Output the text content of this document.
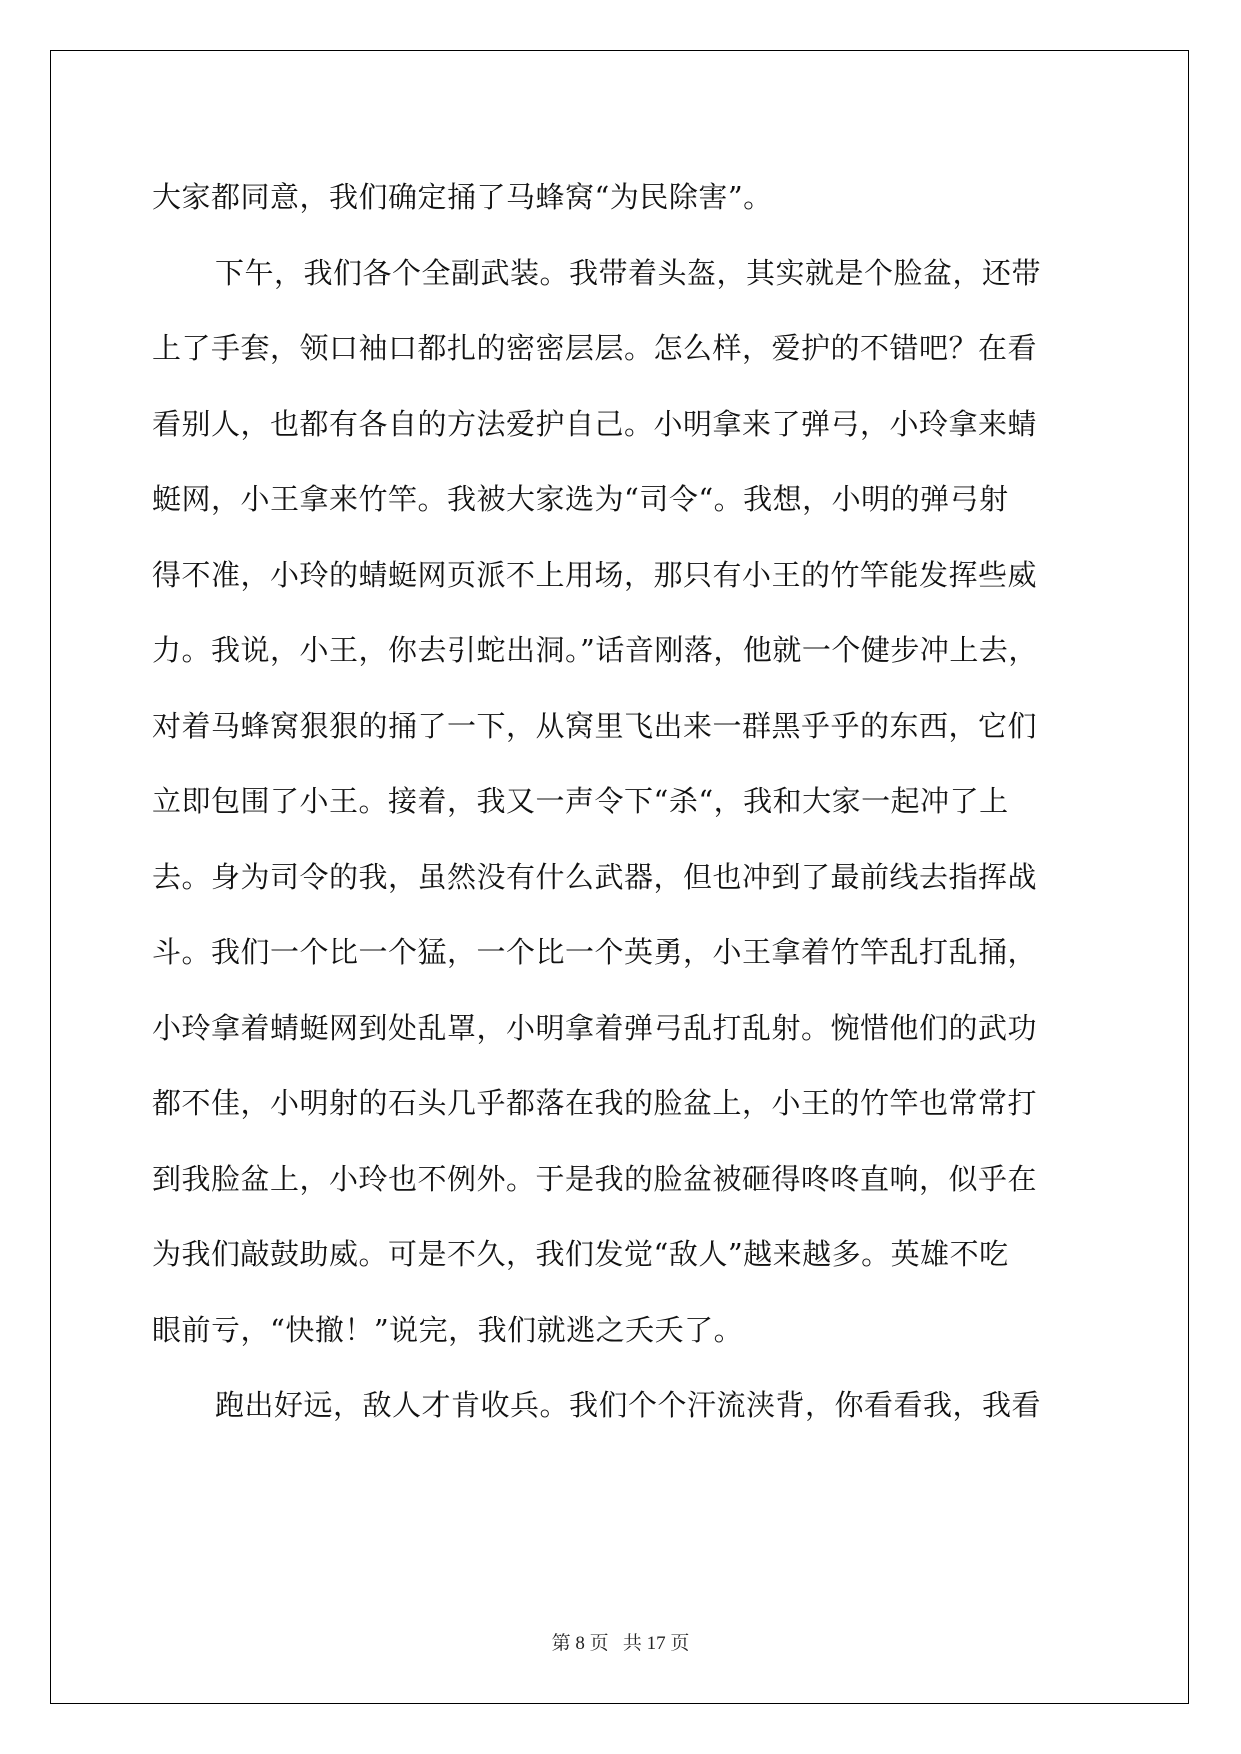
大家都同意，我们确定捅了马蜂窝“为民除害”。
下午，我们各个全副武装。我带着头盔，其实就是个脸盆，还带
上了手套，领口袖口都扎的密密层层。怎么样，爱护的不错吧？在看
看别人，也都有各自的方法爱护自己。小明拿来了弹弓，小玲拿来蜻
蜓网，小王拿来竹竿。我被大家选为“司令“。我想，小明的弹弓射
得不准，小玲的蜻蜓网页派不上用场，那只有小王的竹竿能发挥些威
力。我说，小王，你去引蛇出洞。”话音刚落，他就一个健步冲上去，
对着马蜂窝狠狠的捅了一下，从窝里飞出来一群黑乎乎的东西，它们
立即包围了小王。接着，我又一声令下“杀“，我和大家一起冲了上
去。身为司令的我，虽然没有什么武器，但也冲到了最前线去指挥战
斗。我们一个比一个猛，一个比一个英勇，小王拿着竹竿乱打乱捅，
小玲拿着蜻蜓网到处乱罩，小明拿着弹弓乱打乱射。惋惜他们的武功
都不佳，小明射的石头几乎都落在我的脸盆上，小王的竹竿也常常打
到我脸盆上，小玲也不例外。于是我的脸盆被砸得咚咚直响，似乎在
为我们敲鼓助威。可是不久，我们发觉“敌人”越来越多。英雄不吃
眼前亏，“快撤！”说完，我们就逃之夭夭了。
跑出好远，敌人才肯收兵。我们个个汗流浃背，你看看我，我看
第 8 页 共 17 页
